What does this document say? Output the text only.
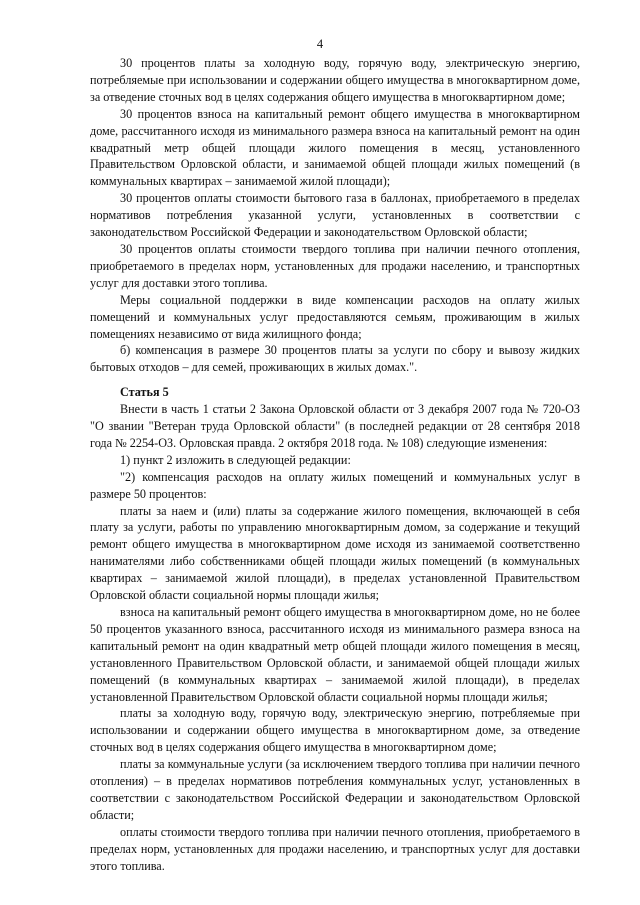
4

30 процентов платы за холодную воду, горячую воду, электрическую энергию, потребляемые при использовании и содержании общего имущества в многоквартирном доме, за отведение сточных вод в целях содержания общего имущества в многоквартирном доме;

30 процентов взноса на капитальный ремонт общего имущества в многоквартирном доме, рассчитанного исходя из минимального размера взноса на капитальный ремонт на один квадратный метр общей площади жилого помещения в месяц, установленного Правительством Орловской области, и занимаемой общей площади жилых помещений (в коммунальных квартирах – занимаемой жилой площади);

30 процентов оплаты стоимости бытового газа в баллонах, приобретаемого в пределах нормативов потребления указанной услуги, установленных в соответствии с законодательством Российской Федерации и законодательством Орловской области;

30 процентов оплаты стоимости твердого топлива при наличии печного отопления, приобретаемого в пределах норм, установленных для продажи населению, и транспортных услуг для доставки этого топлива.

Меры социальной поддержки в виде компенсации расходов на оплату жилых помещений и коммунальных услуг предоставляются семьям, проживающим в жилых помещениях независимо от вида жилищного фонда;

б) компенсация в размере 30 процентов платы за услуги по сбору и вывозу жидких бытовых отходов – для семей, проживающих в жилых домах.".

Статья 5

Внести в часть 1 статьи 2 Закона Орловской области от 3 декабря 2007 года № 720-ОЗ "О звании "Ветеран труда Орловской области" (в последней редакции от 28 сентября 2018 года № 2254-ОЗ. Орловская правда. 2 октября 2018 года. № 108) следующие изменения:

1) пункт 2 изложить в следующей редакции:

"2) компенсация расходов на оплату жилых помещений и коммунальных услуг в размере 50 процентов:

платы за наем и (или) платы за содержание жилого помещения, включающей в себя плату за услуги, работы по управлению многоквартирным домом, за содержание и текущий ремонт общего имущества в многоквартирном доме исходя из занимаемой соответственно нанимателями либо собственниками общей площади жилых помещений (в коммунальных квартирах – занимаемой жилой площади), в пределах установленной Правительством Орловской области социальной нормы площади жилья;

взноса на капитальный ремонт общего имущества в многоквартирном доме, но не более 50 процентов указанного взноса, рассчитанного исходя из минимального размера взноса на капитальный ремонт на один квадратный метр общей площади жилого помещения в месяц, установленного Правительством Орловской области, и занимаемой общей площади жилых помещений (в коммунальных квартирах – занимаемой жилой площади), в пределах установленной Правительством Орловской области социальной нормы площади жилья;

платы за холодную воду, горячую воду, электрическую энергию, потребляемые при использовании и содержании общего имущества в многоквартирном доме, за отведение сточных вод в целях содержания общего имущества в многоквартирном доме;

платы за коммунальные услуги (за исключением твердого топлива при наличии печного отопления) – в пределах нормативов потребления коммунальных услуг, установленных в соответствии с законодательством Российской Федерации и законодательством Орловской области;

оплаты стоимости твердого топлива при наличии печного отопления, приобретаемого в пределах норм, установленных для продажи населению, и транспортных услуг для доставки этого топлива.
